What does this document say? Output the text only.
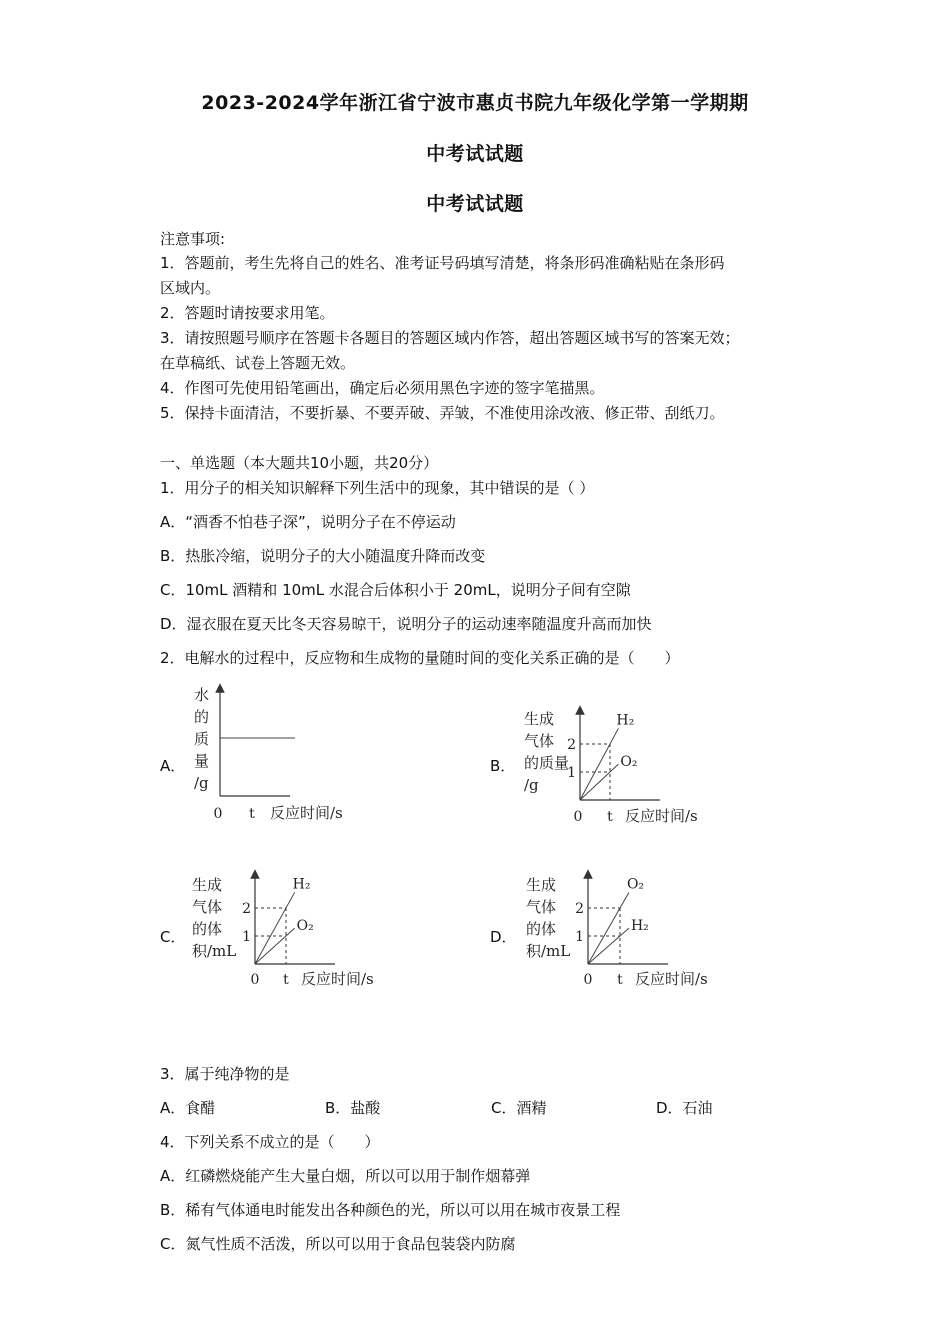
2023-2024学年浙江省宁波市惠贞书院九年级化学第一学期期
中考试试题
中考试试题
注意事项:
1．答题前，考生先将自己的姓名、准考证号码填写清楚，将条形码准确粘贴在条形码
区域内。
2．答题时请按要求用笔。
3．请按照题号顺序在答题卡各题目的答题区域内作答，超出答题区域书写的答案无效；
在草稿纸、试卷上答题无效。
4．作图可先使用铅笔画出，确定后必须用黑色字迹的签字笔描黑。
5．保持卡面清洁，不要折暴、不要弄破、弄皱，不准使用涂改液、修正带、刮纸刀。
一、单选题（本大题共10小题，共20分）
1．用分子的相关知识解释下列生活中的现象，其中错误的是（ ）
A．“酒香不怕巷子深”，说明分子在不停运动
B．热胀冷缩，说明分子的大小随温度升降而改变
C．10mL 酒精和 10mL 水混合后体积小于 20mL，说明分子间有空隙
D．湿衣服在夏天比冬天容易晾干，说明分子的运动速率随温度升高而加快
2．电解水的过程中，反应物和生成物的量随时间的变化关系正确的是（　　）
A．	B．
C．	D．
水
的
质
量
/g
0 t 反应时间/s
H₂
O₂
1
2
生成
气体
的质量
/g
0 t 反应时间/s
H₂
O₂
1
2
生成
气体
的体
积/mL
0 t 反应时间/s
O₂
H₂
1
2
生成
气体
的体
积/mL
0 t 反应时间/s
3．属于纯净物的是
A．食醋	B．盐酸	C．酒精	D．石油
4．下列关系不成立的是（　　）
A．红磷燃烧能产生大量白烟，所以可以用于制作烟幕弹
B．稀有气体通电时能发出各种颜色的光，所以可以用在城市夜景工程
C．氮气性质不活泼，所以可以用于食品包装袋内防腐
